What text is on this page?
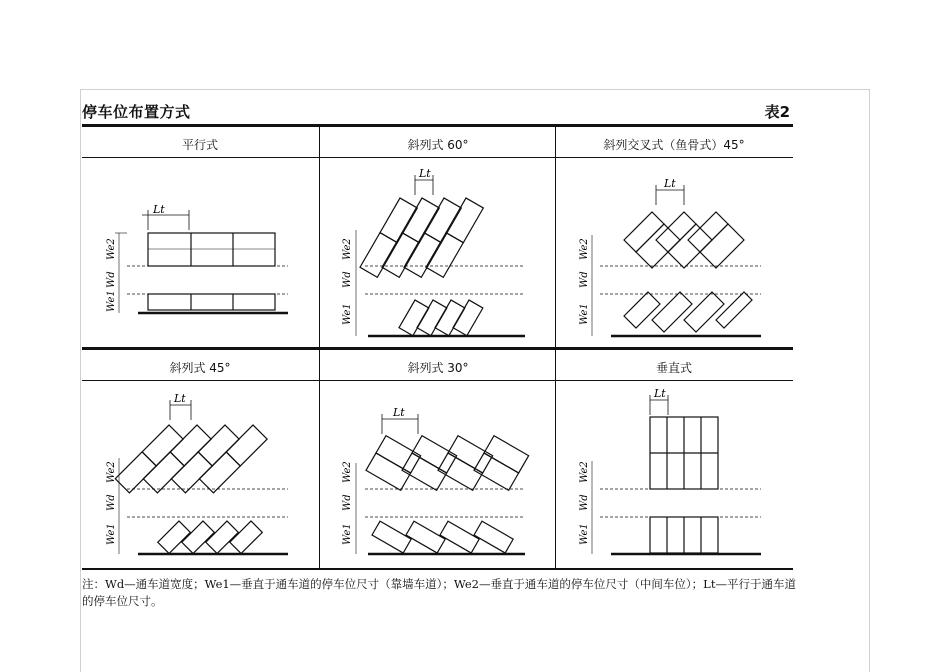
停车位布置方式	表2
平行式	斜列式 60°	斜列交叉式（鱼骨式）45°
斜列式 45°	斜列式 30°	垂直式
Lt
We2
Wd
We1
Lt
We2
Wd
We1
Lt
We2
Wd
We1
Lt
We2
Wd
We1
Lt
We2
Wd
We1
Lt
We2
Wd
We1
注：Wd—通车道宽度；We1—垂直于通车道的停车位尺寸（靠墙车道）；We2—垂直于通车道的停车位尺寸（中间车位）；Lt—平行于通车道的停车位尺寸。
